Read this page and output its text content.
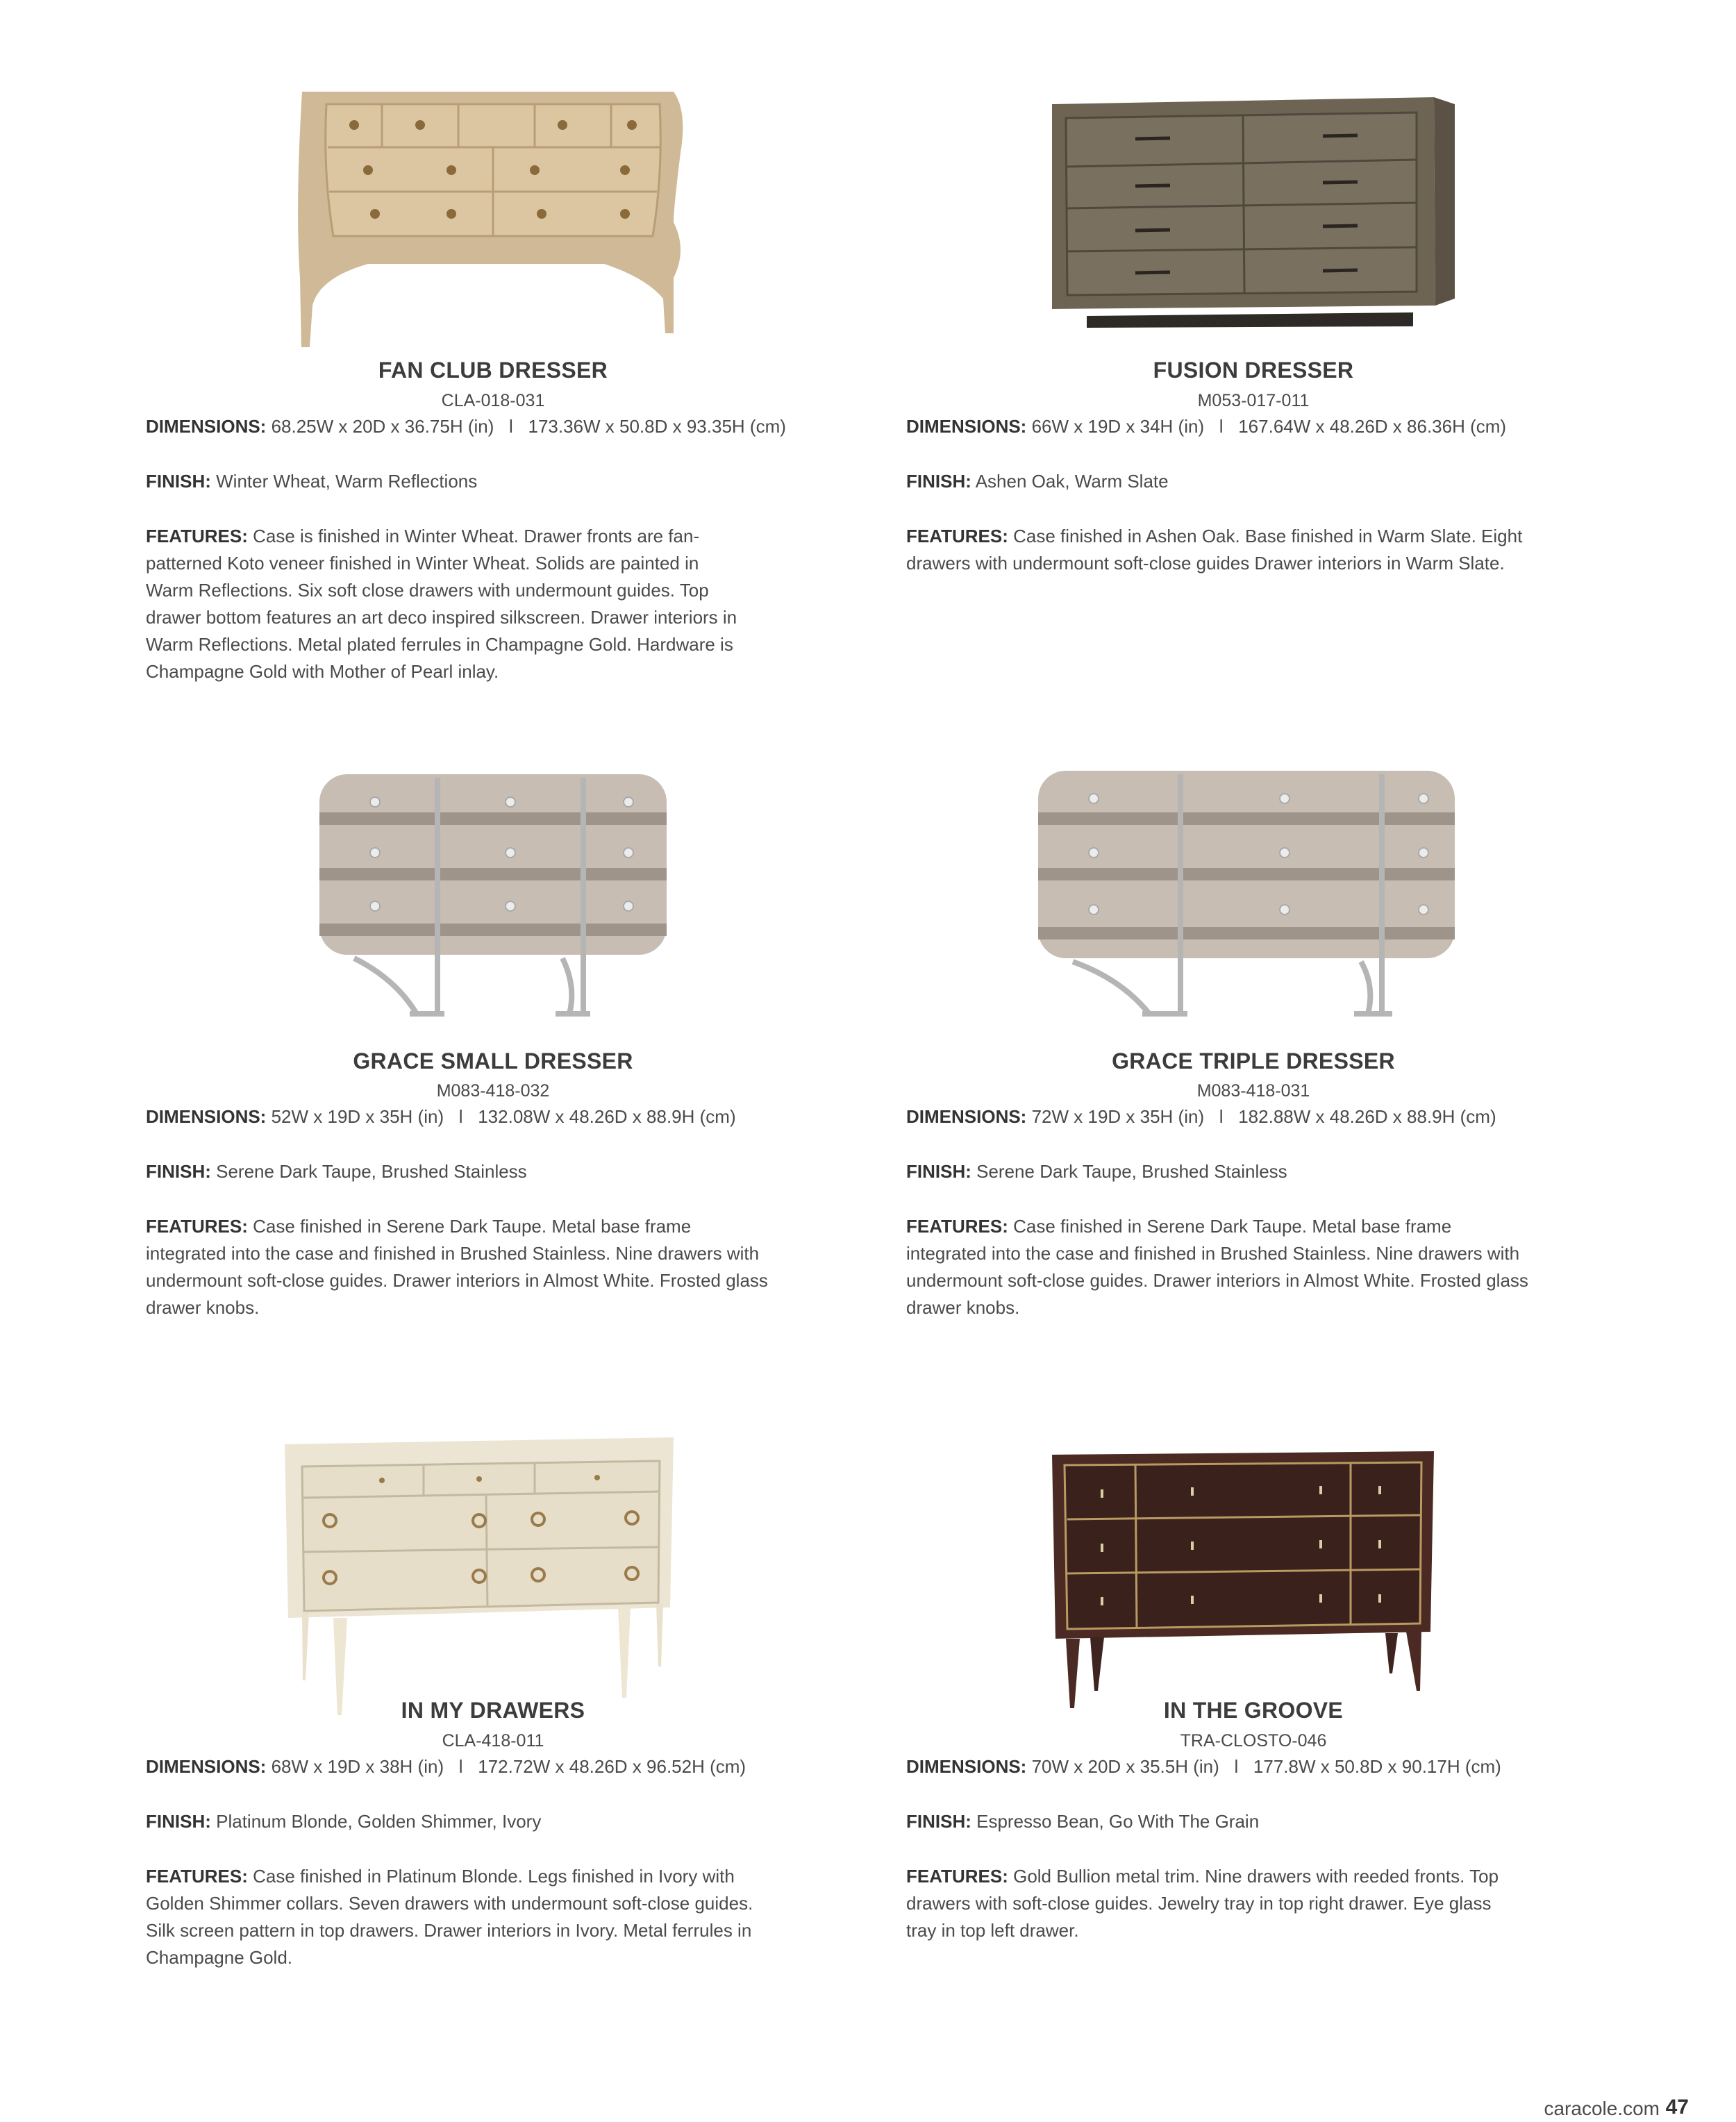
FAN CLUB DRESSER
CLA-018-031
DIMENSIONS: 68.25W x 20D x 36.75H (in)   l   173.36W x 50.8D x 93.35H (cm)
FINISH: Winter Wheat, Warm Reflections
FEATURES: Case is finished in Winter Wheat. Drawer fronts are fan-
patterned Koto veneer finished in Winter Wheat. Solids are painted in
Warm Reflections. Six soft close drawers with undermount guides. Top
drawer bottom features an art deco inspired silkscreen. Drawer interiors in
Warm Reflections. Metal plated ferrules in Champagne Gold. Hardware is
Champagne Gold with Mother of Pearl inlay.
FUSION DRESSER
M053-017-011
DIMENSIONS: 66W x 19D x 34H (in)   l   167.64W x 48.26D x 86.36H (cm)
FINISH: Ashen Oak, Warm Slate
FEATURES: Case finished in Ashen Oak. Base finished in Warm Slate. Eight
drawers with undermount soft-close guides Drawer interiors in Warm Slate.
GRACE SMALL DRESSER
M083-418-032
DIMENSIONS: 52W x 19D x 35H (in)   l   132.08W x 48.26D x 88.9H (cm)
FINISH: Serene Dark Taupe, Brushed Stainless
FEATURES: Case finished in Serene Dark Taupe. Metal base frame
integrated into the case and finished in Brushed Stainless. Nine drawers with
undermount soft-close guides. Drawer interiors in Almost White. Frosted glass
drawer knobs.
GRACE TRIPLE DRESSER
M083-418-031
DIMENSIONS: 72W x 19D x 35H (in)   l   182.88W x 48.26D x 88.9H (cm)
FINISH: Serene Dark Taupe, Brushed Stainless
FEATURES: Case finished in Serene Dark Taupe. Metal base frame
integrated into the case and finished in Brushed Stainless. Nine drawers with
undermount soft-close guides. Drawer interiors in Almost White. Frosted glass
drawer knobs.
IN MY DRAWERS
CLA-418-011
DIMENSIONS: 68W x 19D x 38H (in)   l   172.72W x 48.26D x 96.52H (cm)
FINISH: Platinum Blonde, Golden Shimmer, Ivory
FEATURES: Case finished in Platinum Blonde. Legs finished in Ivory with
Golden Shimmer collars. Seven drawers with undermount soft-close guides.
Silk screen pattern in top drawers. Drawer interiors in Ivory. Metal ferrules in
Champagne Gold.
IN THE GROOVE
TRA-CLOSTO-046
DIMENSIONS: 70W x 20D x 35.5H (in)   l   177.8W x 50.8D x 90.17H (cm)
FINISH: Espresso Bean, Go With The Grain
FEATURES: Gold Bullion metal trim. Nine drawers with reeded fronts. Top
drawers with soft-close guides. Jewelry tray in top right drawer. Eye glass
tray in top left drawer.
caracole.com 47
